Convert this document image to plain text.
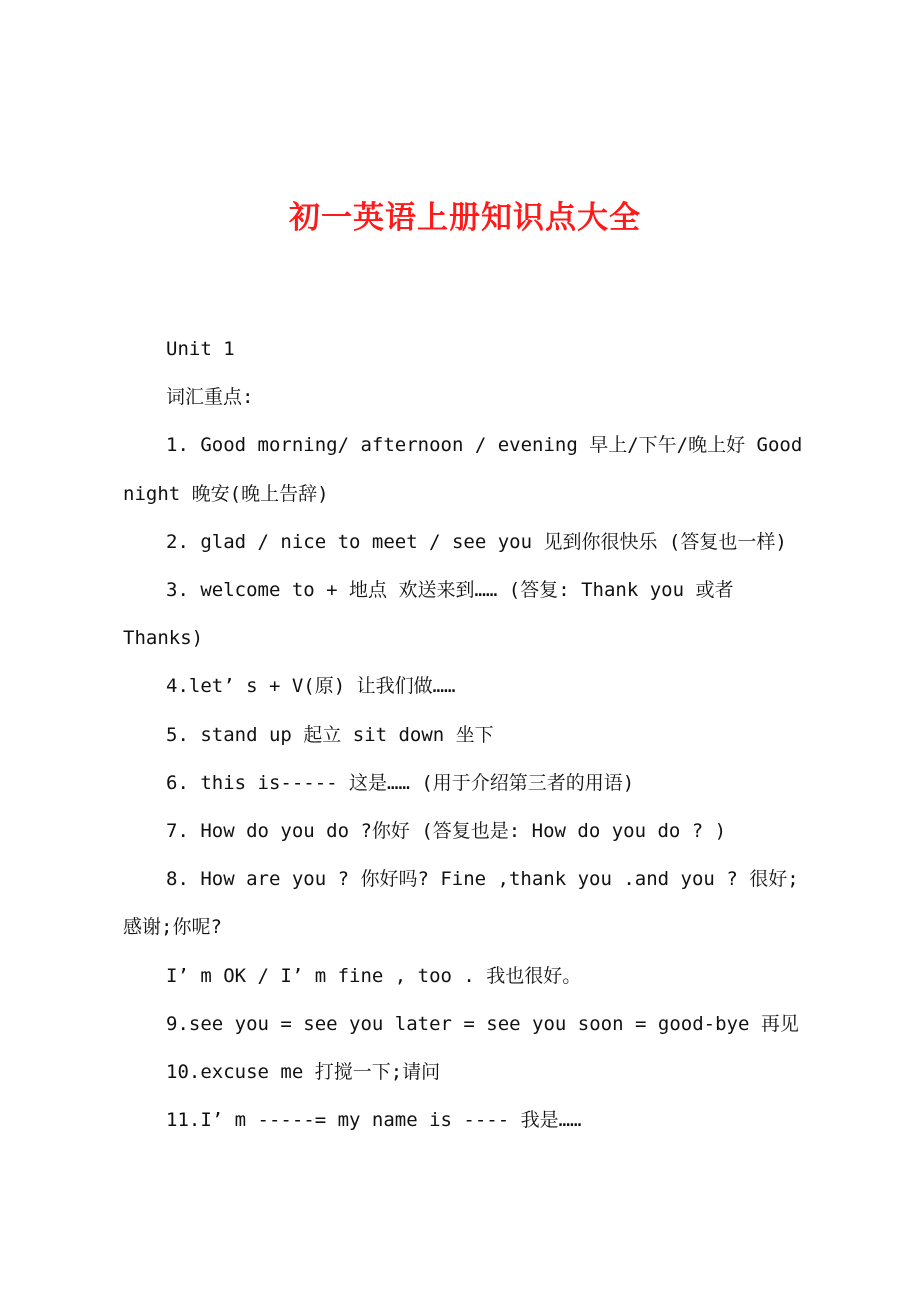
初一英语上册知识点大全

Unit 1

词汇重点:

1. Good morning/ afternoon / evening 早上/下午/晚上好 Good night 晚安(晚上告辞)

2. glad / nice to meet / see you 见到你很快乐 (答复也一样)

3. welcome to + 地点 欢送来到…… (答复: Thank you 或者 Thanks)

4.let’ s + V(原) 让我们做……

5. stand up 起立 sit down 坐下

6. this is----- 这是…… (用于介绍第三者的用语)

7. How do you do ?你好 (答复也是: How do you do ? )

8. How are you ? 你好吗? Fine ,thank you .and you ? 很好;感谢;你呢?

I’ m OK / I’ m fine , too . 我也很好。

9.see you = see you later = see you soon = good-bye 再见

10.excuse me 打搅一下;请问

11.I’ m -----= my name is ---- 我是……
